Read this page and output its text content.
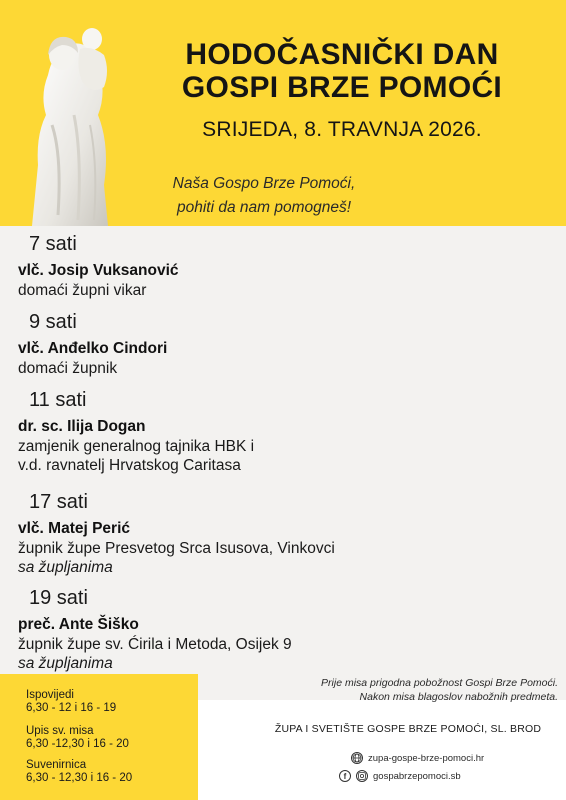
HODOČASNIČKI DAN
GOSPI BRZE POMOĆI
SRIJEDA, 8. TRAVNJA 2026.
Naša Gospo Brze Pomoći,
pohiti da nam pomogneš!
7 sati
vlč. Josip Vuksanović
domaći župni vikar
9 sati
vlč. Anđelko Cindori
domaći župnik
11 sati
dr. sc. Ilija Dogan
zamjenik generalnog tajnika HBK i
v.d. ravnatelj Hrvatskog Caritasa
17 sati
vlč. Matej Perić
župnik župe Presvetog Srca Isusova, Vinkovci
sa župljanima
19 sati
preč. Ante Šiško
župnik župe sv. Ćirila i Metoda, Osijek 9
sa župljanima
Ispovijedi
6,30 - 12 i 16 - 19
Upis sv. misa
6,30 -12,30 i 16 - 20
Suvenirnica
6,30 - 12,30 i 16 - 20
Prije misa prigodna pobožnost Gospi Brze Pomoći.
Nakon misa blagoslov nabožnih predmeta.
ŽUPA I SVETIŠTE GOSPE BRZE POMOĆI, SL. BROD
zupa-gospe-brze-pomoci.hr
f	gospabrzepomoci.sb
